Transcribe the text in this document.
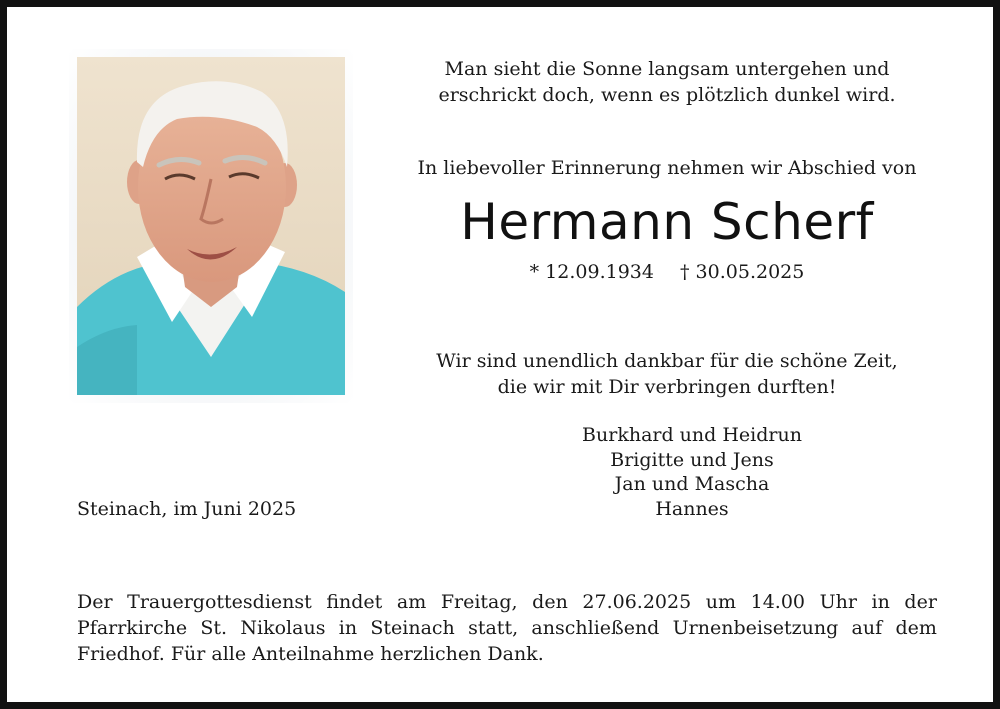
Man sieht die Sonne langsam untergehen und
erschrickt doch, wenn es plötzlich dunkel wird.
In liebevoller Erinnerung nehmen wir Abschied von
Hermann Scherf
* 12.09.1934 † 30.05.2025
Wir sind unendlich dankbar für die schöne Zeit,
die wir mit Dir verbringen durften!
Burkhard und Heidrun
Brigitte und Jens
Jan und Mascha
Hannes
Steinach, im Juni 2025
Der Trauergottesdienst findet am Freitag, den 27.06.2025 um 14.00 Uhr in der
Pfarrkirche St. Nikolaus in Steinach statt, anschließend Urnenbeisetzung auf dem
Friedhof. Für alle Anteilnahme herzlichen Dank.
